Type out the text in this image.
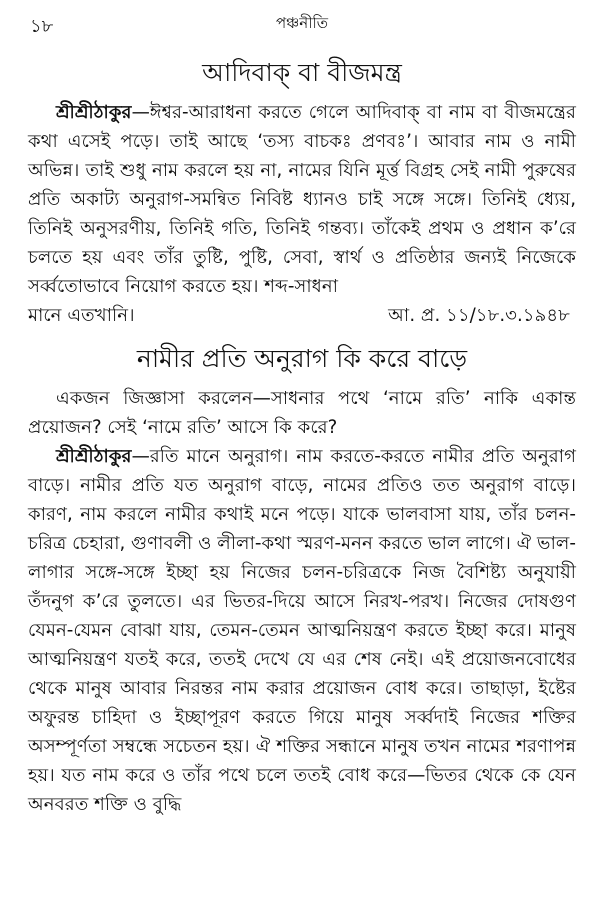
১৮	পঞ্চনীতি
আদিবাক্ বা বীজমন্ত্র

শ্রীশ্রীঠাকুর—ঈশ্বর-আরাধনা করতে গেলে আদিবাক্ বা নাম বা বীজমন্ত্রের কথা এসেই পড়ে। তাই আছে ‘তস্য বাচকঃ প্রণবঃ’। আবার নাম ও নামী অভিন্ন। তাই শুধু নাম করলে হয় না, নামের যিনি মূর্ত্ত বিগ্রহ সেই নামী পুরুষের প্রতি অকাট্য অনুরাগ-সমন্বিত নিবিষ্ট ধ্যানও চাই সঙ্গে সঙ্গে। তিনিই ধ্যেয়, তিনিই অনুসরণীয়, তিনিই গতি, তিনিই গন্তব্য। তাঁকেই প্রথম ও প্রধান ক’রে চলতে হয় এবং তাঁর তুষ্টি, পুষ্টি, সেবা, স্বার্থ ও প্রতিষ্ঠার জন্যই নিজেকে সর্ব্বতোভাবে নিয়োগ করতে হয়। শব্দ-সাধনা

মানে এতখানি।	আ. প্র. ১১/১৮.৩.১৯৪৮
নামীর প্রতি অনুরাগ কি করে বাড়ে

একজন জিজ্ঞাসা করলেন—সাধনার পথে ‘নামে রতি’ নাকি একান্ত প্রয়োজন? সেই ‘নামে রতি’ আসে কি করে?

শ্রীশ্রীঠাকুর—রতি মানে অনুরাগ। নাম করতে-করতে নামীর প্রতি অনুরাগ বাড়ে। নামীর প্রতি যত অনুরাগ বাড়ে, নামের প্রতিও তত অনুরাগ বাড়ে। কারণ, নাম করলে নামীর কথাই মনে পড়ে। যাকে ভালবাসা যায়, তাঁর চলন-চরিত্র চেহারা, গুণাবলী ও লীলা-কথা স্মরণ-মনন করতে ভাল লাগে। ঐ ভাল-লাগার সঙ্গে-সঙ্গে ইচ্ছা হয় নিজের চলন-চরিত্রকে নিজ বৈশিষ্ট্য অনুযায়ী তঁদনুগ ক’রে তুলতে। এর ভিতর-দিয়ে আসে নিরখ-পরখ। নিজের দোষগুণ যেমন-যেমন বোঝা যায়, তেমন-তেমন আত্মনিয়ন্ত্রণ করতে ইচ্ছা করে। মানুষ আত্মনিয়ন্ত্রণ যতই করে, ততই দেখে যে এর শেষ নেই। এই প্রয়োজনবোধের থেকে মানুষ আবার নিরন্তর নাম করার প্রয়োজন বোধ করে। তাছাড়া, ইষ্টের অফুরন্ত চাহিদা ও ইচ্ছাপূরণ করতে গিয়ে মানুষ সর্ব্বদাই নিজের শক্তির অসম্পূর্ণতা সম্বন্ধে সচেতন হয়। ঐ শক্তির সন্ধানে মানুষ তখন নামের শরণাপন্ন হয়। যত নাম করে ও তাঁর পথে চলে ততই বোধ করে—ভিতর থেকে কে যেন অনবরত শক্তি ও বুদ্ধি
